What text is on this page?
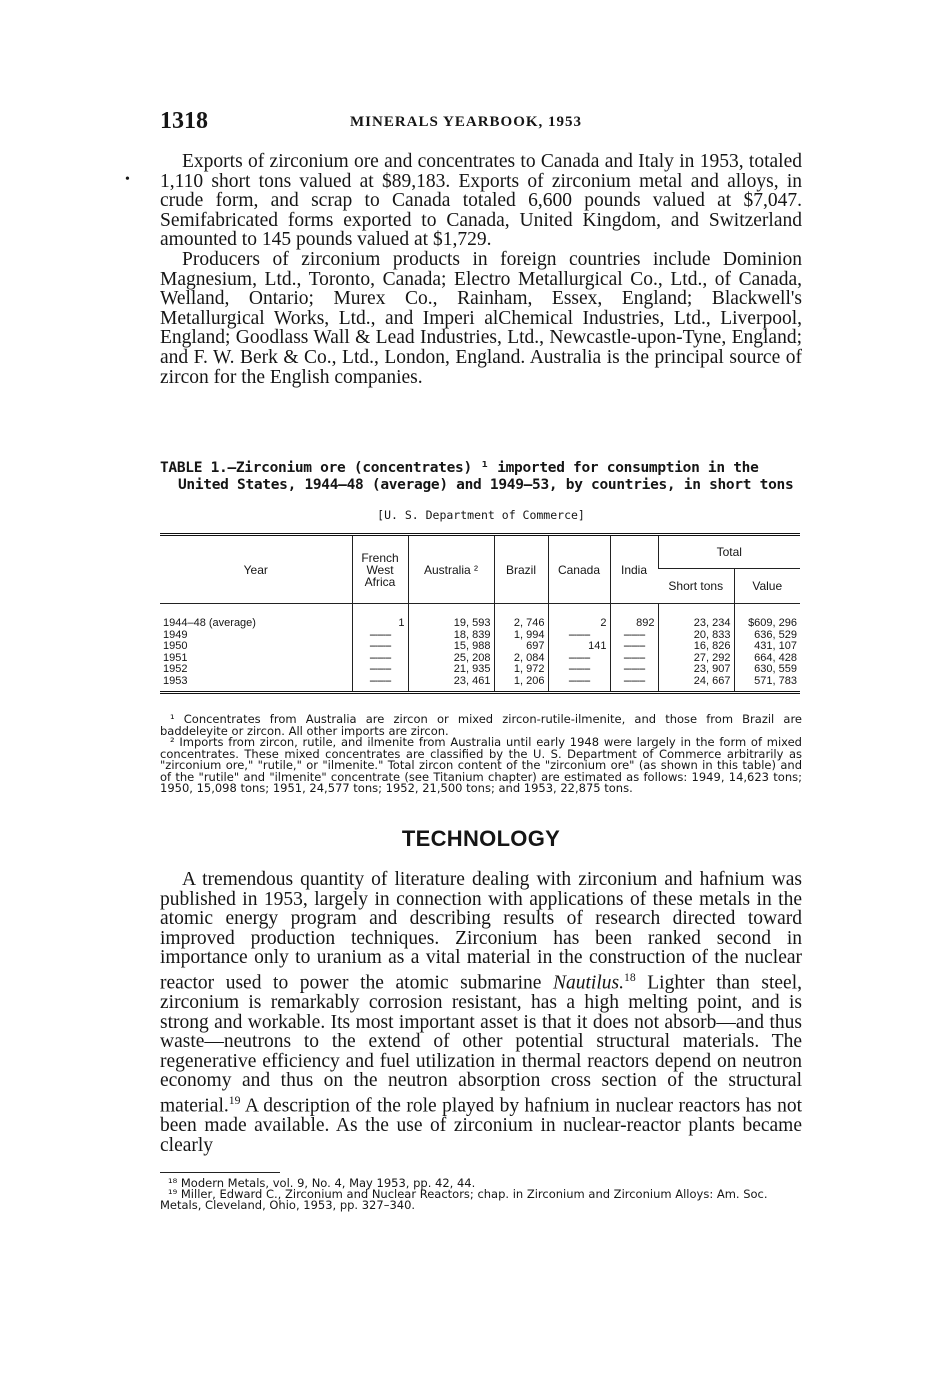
1318	MINERALS YEARBOOK, 1953
•

Exports of zirconium ore and concentrates to Canada and Italy in 1953, totaled 1,110 short tons valued at $89,183. Exports of zirconium metal and alloys, in crude form, and scrap to Canada totaled 6,600 pounds valued at $7,047. Semifabricated forms exported to Canada, United Kingdom, and Switzerland amounted to 145 pounds valued at $1,729.

Producers of zirconium products in foreign countries include Dominion Magnesium, Ltd., Toronto, Canada; Electro Metallurgical Co., Ltd., of Canada, Welland, Ontario; Murex Co., Rainham, Essex, England; Blackwell's Metallurgical Works, Ltd., and Imperi alChemical Industries, Ltd., Liverpool, England; Goodlass Wall & Lead Industries, Ltd., Newcastle-upon-Tyne, England; and F. W. Berk & Co., Ltd., London, England. Australia is the principal source of zircon for the English companies.

TABLE 1.—Zirconium ore (concentrates) ¹ imported for consumption in the
United States, 1944–48 (average) and 1949–53, by countries, in short tons
[U. S. Department of Commerce]
Year	French West Africa	Australia ²	Brazil	Canada	India	Total	
						Short tons	Value
1944–48 (average)	1	19, 593	2, 746	2	892	23, 234	$609, 296
1949	--------	18, 839	1, 994	--------	--------	20, 833	636, 529
1950	--------	15, 988	697	141	--------	16, 826	431, 107
1951	--------	25, 208	2, 084	--------	--------	27, 292	664, 428
1952	--------	21, 935	1, 972	--------	--------	23, 907	630, 559
1953	--------	23, 461	1, 206	--------	--------	24, 667	571, 783

¹ Concentrates from Australia are zircon or mixed zircon-rutile-ilmenite, and those from Brazil are baddeleyite or zircon. All other imports are zircon.

² Imports from zircon, rutile, and ilmenite from Australia until early 1948 were largely in the form of mixed concentrates. These mixed concentrates are classified by the U. S. Department of Commerce arbitrarily as "zirconium ore," "rutile," or "ilmenite." Total zircon content of the "zirconium ore" (as shown in this table) and of the "rutile" and "ilmenite" concentrate (see Titanium chapter) are estimated as follows: 1949, 14,623 tons; 1950, 15,098 tons; 1951, 24,577 tons; 1952, 21,500 tons; and 1953, 22,875 tons.

TECHNOLOGY

A tremendous quantity of literature dealing with zirconium and hafnium was published in 1953, largely in connection with applications of these metals in the atomic energy program and describing results of research directed toward improved production techniques. Zirconium has been ranked second in importance only to uranium as a vital material in the construction of the nuclear reactor used to power the atomic submarine Nautilus.$^{18}$ Lighter than steel, zirconium is remarkably corrosion resistant, has a high melting point, and is strong and workable. Its most important asset is that it does not absorb—and thus waste—neutrons to the extend of other potential structural materials. The regenerative efficiency and fuel utilization in thermal reactors depend on neutron economy and thus on the neutron absorption cross section of the structural material.$^{19}$ A description of the role played by hafnium in nuclear reactors has not been made available. As the use of zirconium in nuclear-reactor plants became clearly

¹⁸ Modern Metals, vol. 9, No. 4, May 1953, pp. 42, 44.

¹⁹ Miller, Edward C., Zirconium and Nuclear Reactors; chap. in Zirconium and Zirconium Alloys: Am. Soc. Metals, Cleveland, Ohio, 1953, pp. 327–340.
